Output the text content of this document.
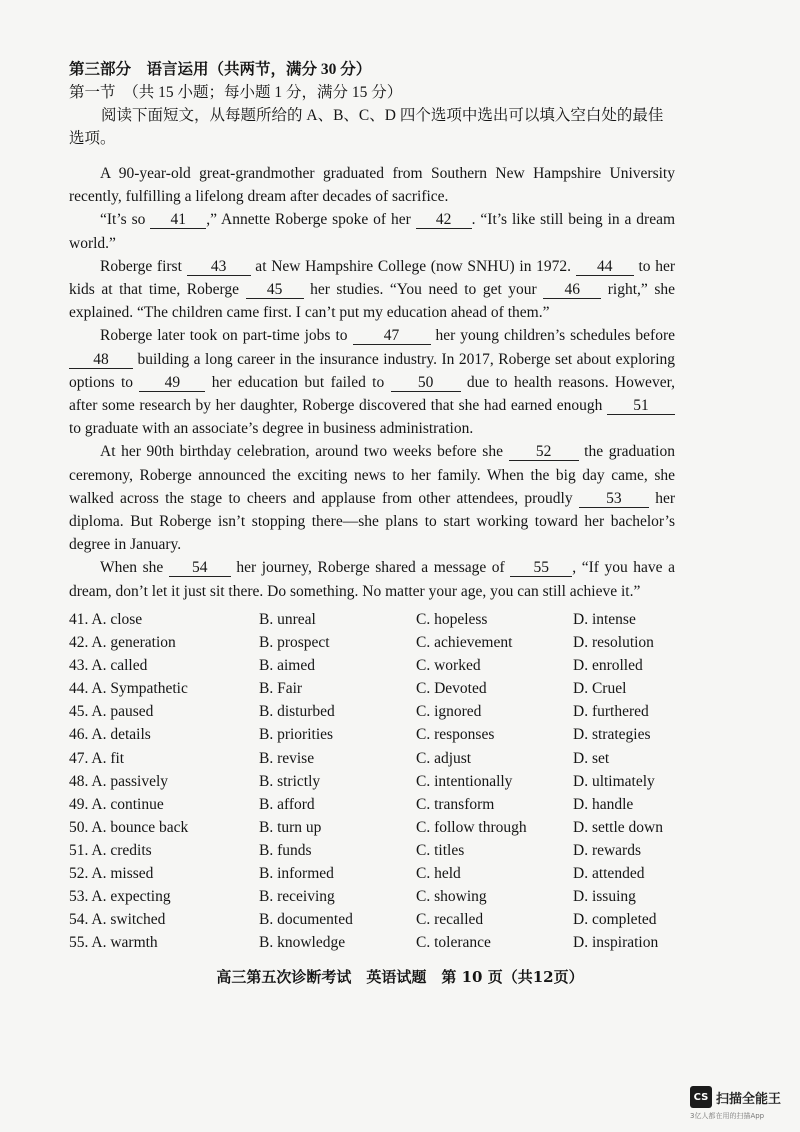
第三部分　语言运用（共两节，满分 30 分）
第一节　（共 15 小题；每小题 1 分，满分 15 分）
阅读下面短文，从每题所给的 A、B、C、D 四个选项中选出可以填入空白处的最佳
选项。

A 90-year-old great-grandmother graduated from Southern New Hampshire University recently, fulfilling a lifelong dream after decades of sacrifice.

“It’s so 41 ,” Annette Roberge spoke of her 42 . “It’s like still being in a dream world.”

Roberge first 43 at New Hampshire College (now SNHU) in 1972. 44 to her kids at that time, Roberge 45 her studies. “You need to get your 46 right,” she explained. “The children came first. I can’t put my education ahead of them.”

Roberge later took on part-time jobs to 47 her young children’s schedules before 48 building a long career in the insurance industry. In 2017, Roberge set about exploring options to 49 her education but failed to 50 due to health reasons. However, after some research by her daughter, Roberge discovered that she had earned enough 51 to graduate with an associate’s degree in business administration.

At her 90th birthday celebration, around two weeks before she 52 the graduation ceremony, Roberge announced the exciting news to her family. When the big day came, she walked across the stage to cheers and applause from other attendees, proudly 53 her diploma. But Roberge isn’t stopping there—she plans to start working toward her bachelor’s degree in January.

When she 54 her journey, Roberge shared a message of 55 , “If you have a dream, don’t let it just sit there. Do something. No matter your age, you can still achieve it.”

41. A. close	B. unreal	C. hopeless	D. intense
42. A. generation	B. prospect	C. achievement	D. resolution
43. A. called	B. aimed	C. worked	D. enrolled
44. A. Sympathetic	B. Fair	C. Devoted	D. Cruel
45. A. paused	B. disturbed	C. ignored	D. furthered
46. A. details	B. priorities	C. responses	D. strategies
47. A. fit	B. revise	C. adjust	D. set
48. A. passively	B. strictly	C. intentionally	D. ultimately
49. A. continue	B. afford	C. transform	D. handle
50. A. bounce back	B. turn up	C. follow through	D. settle down
51. A. credits	B. funds	C. titles	D. rewards
52. A. missed	B. informed	C. held	D. attended
53. A. expecting	B. receiving	C. showing	D. issuing
54. A. switched	B. documented	C. recalled	D. completed
55. A. warmth	B. knowledge	C. tolerance	D. inspiration
高三第五次诊断考试　英语试题　第 10 页（共12页）
CS 扫描全能王
3亿人都在用的扫描App
